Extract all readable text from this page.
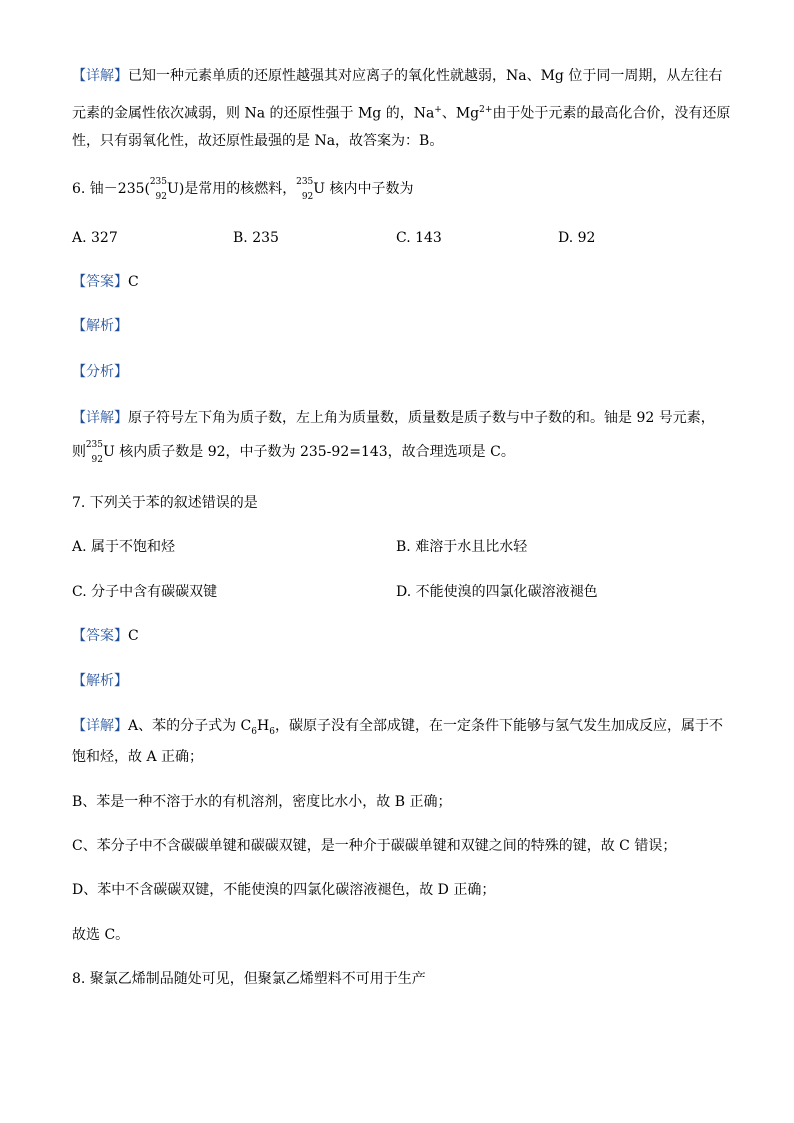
【详解】已知一种元素单质的还原性越强其对应离子的氧化性就越弱，Na、Mg 位于同一周期，从左往右
元素的金属性依次减弱，则 Na 的还原性强于 Mg 的，Na+、$Mg^{2+}$由于处于元素的最高化合价，没有还原
性，只有弱氧化性，故还原性最强的是 Na，故答案为：B。
6. 铀－235( 235
92 U)是常用的核燃料， 235
92 U 核内中子数为
A. 327	B. 235	C. 143	D. 92
【答案】C
【解析】
【分析】
【详解】原子符号左下角为质子数，左上角为质量数，质量数是质子数与中子数的和。铀是 92 号元素，
则 235
92 U 核内质子数是 92，中子数为 235-92=143，故合理选项是 C。
7. 下列关于苯的叙述错误的是
A. 属于不饱和烃	B. 难溶于水且比水轻
C. 分子中含有碳碳双键	D. 不能使溴的四氯化碳溶液褪色
【答案】C
【解析】
【详解】A、苯的分子式为 $C_6H_6$，碳原子没有全部成键，在一定条件下能够与氢气发生加成反应，属于不
饱和烃，故 A 正确；
B、苯是一种不溶于水的有机溶剂，密度比水小，故 B 正确；
C、苯分子中不含碳碳单键和碳碳双键，是一种介于碳碳单键和双键之间的特殊的键，故 C 错误；
D、苯中不含碳碳双键，不能使溴的四氯化碳溶液褪色，故 D 正确；
故选 C。
8. 聚氯乙烯制品随处可见，但聚氯乙烯塑料不可用于生产
